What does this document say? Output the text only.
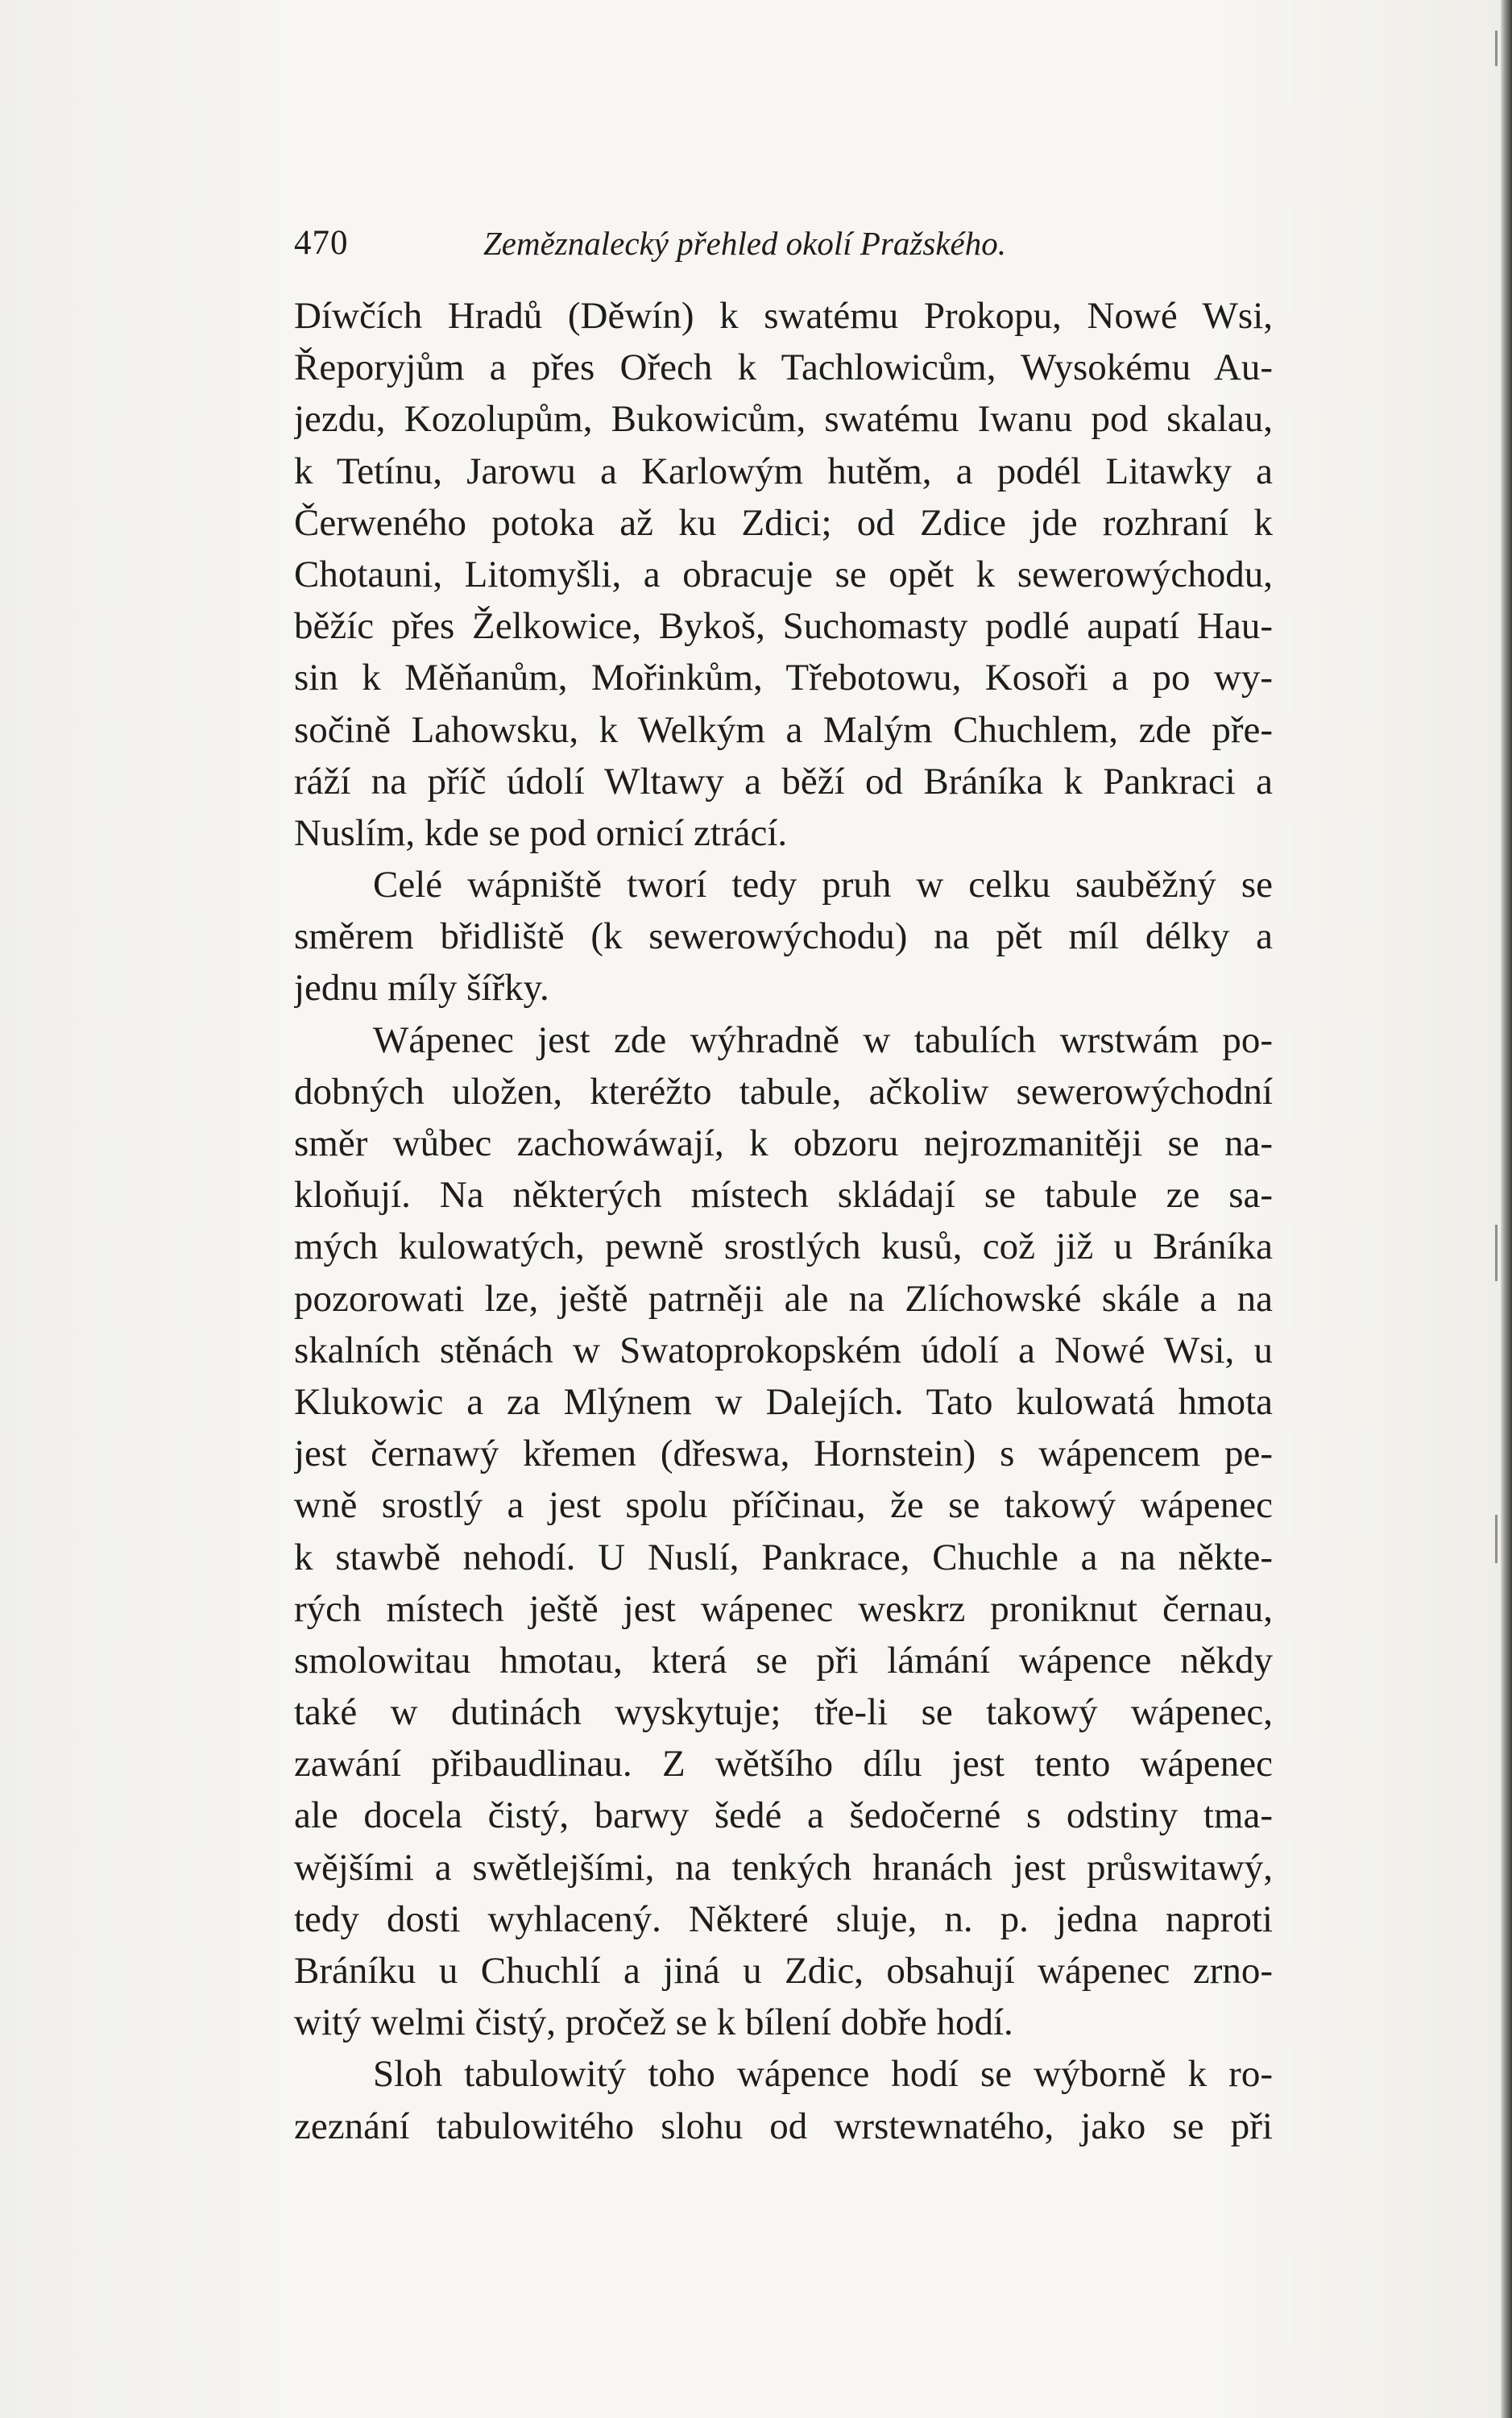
470	Zeměznalecký přehled okolí Pražského.
Díwčích Hradů (Děwín) k swatému Prokopu, Nowé Wsi,
Řeporyjům a přes Ořech k Tachlowicům, Wysokému Au-
jezdu, Kozolupům, Bukowicům, swatému Iwanu pod skalau,
k Tetínu, Jarowu a Karlowým hutěm, a podél Litawky a
Čerweného potoka až ku Zdici; od Zdice jde rozhraní k
Chotauni, Litomyšli, a obracuje se opět k sewerowýchodu,
běžíc přes Želkowice, Bykoš, Suchomasty podlé aupatí Hau-
sin k Měňanům, Mořinkům, Třebotowu, Kosoři a po wy-
sočině Lahowsku, k Welkým a Malým Chuchlem, zde pře-
ráží na příč údolí Wltawy a běží od Bráníka k Pankraci a
Nuslím, kde se pod ornicí ztrácí.
Celé wápniště tworí tedy pruh w celku sauběžný se
směrem břidliště (k sewerowýchodu) na pět míl délky a
jednu míly šířky.
Wápenec jest zde wýhradně w tabulích wrstwám po-
dobných uložen, kteréžto tabule, ačkoliw sewerowýchodní
směr wůbec zachowáwají, k obzoru nejrozmanitěji se na-
kloňují. Na některých místech skládají se tabule ze sa-
mých kulowatých, pewně srostlých kusů, což již u Bráníka
pozorowati lze, ještě patrněji ale na Zlíchowské skále a na
skalních stěnách w Swatoprokopském údolí a Nowé Wsi, u
Klukowic a za Mlýnem w Dalejích. Tato kulowatá hmota
jest černawý křemen (dřeswa, Hornstein) s wápencem pe-
wně srostlý a jest spolu příčinau, že se takowý wápenec
k stawbě nehodí. U Nuslí, Pankrace, Chuchle a na někte-
rých místech ještě jest wápenec weskrz proniknut černau,
smolowitau hmotau, která se při lámání wápence někdy
také w dutinách wyskytuje; tře-li se takowý wápenec,
zawání přibaudlinau. Z wětšího dílu jest tento wápenec
ale docela čistý, barwy šedé a šedočerné s odstiny tma-
wějšími a swětlejšími, na tenkých hranách jest průswitawý,
tedy dosti wyhlacený. Některé sluje, n. p. jedna naproti
Bráníku u Chuchlí a jiná u Zdic, obsahují wápenec zrno-
witý welmi čistý, pročež se k bílení dobře hodí.
Sloh tabulowitý toho wápence hodí se wýborně k ro-
zeznání tabulowitého slohu od wrstewnatého, jako se při
